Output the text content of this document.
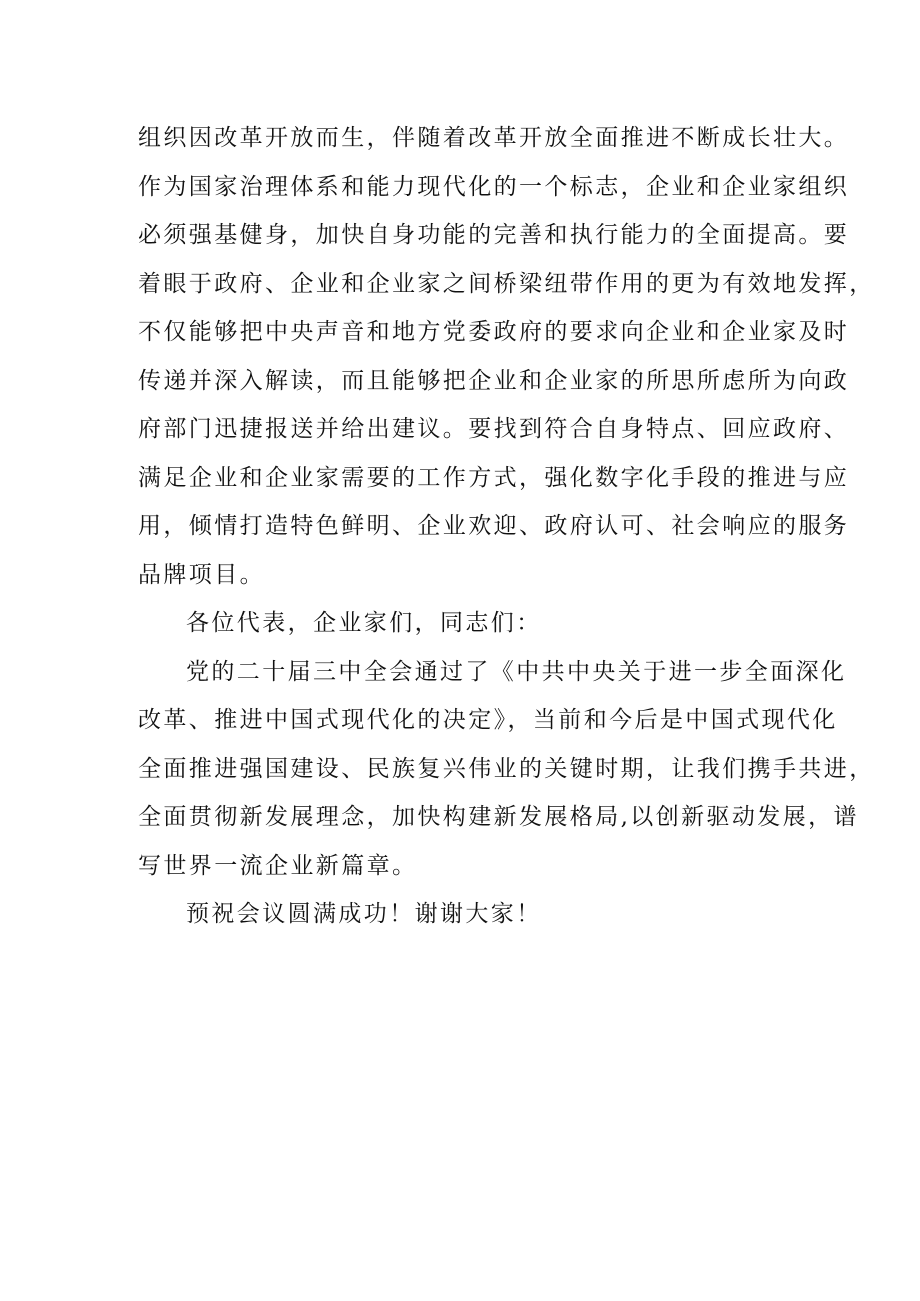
组织因改革开放而生，伴随着改革开放全面推进不断成长壮大。
作为国家治理体系和能力现代化的一个标志，企业和企业家组织
必须强基健身，加快自身功能的完善和执行能力的全面提高。要
着眼于政府、企业和企业家之间桥梁纽带作用的更为有效地发挥，
不仅能够把中央声音和地方党委政府的要求向企业和企业家及时
传递并深入解读，而且能够把企业和企业家的所思所虑所为向政
府部门迅捷报送并给出建议。要找到符合自身特点、回应政府、
满足企业和企业家需要的工作方式，强化数字化手段的推进与应
用，倾情打造特色鲜明、企业欢迎、政府认可、社会响应的服务
品牌项目。

各位代表，企业家们，同志们：

党的二十届三中全会通过了《中共中央关于进一步全面深化
改革、推进中国式现代化的决定》，当前和今后是中国式现代化
全面推进强国建设、民族复兴伟业的关键时期，让我们携手共进，
全面贯彻新发展理念，加快构建新发展格局,以创新驱动发展，谱
写世界一流企业新篇章。

预祝会议圆满成功！谢谢大家！
